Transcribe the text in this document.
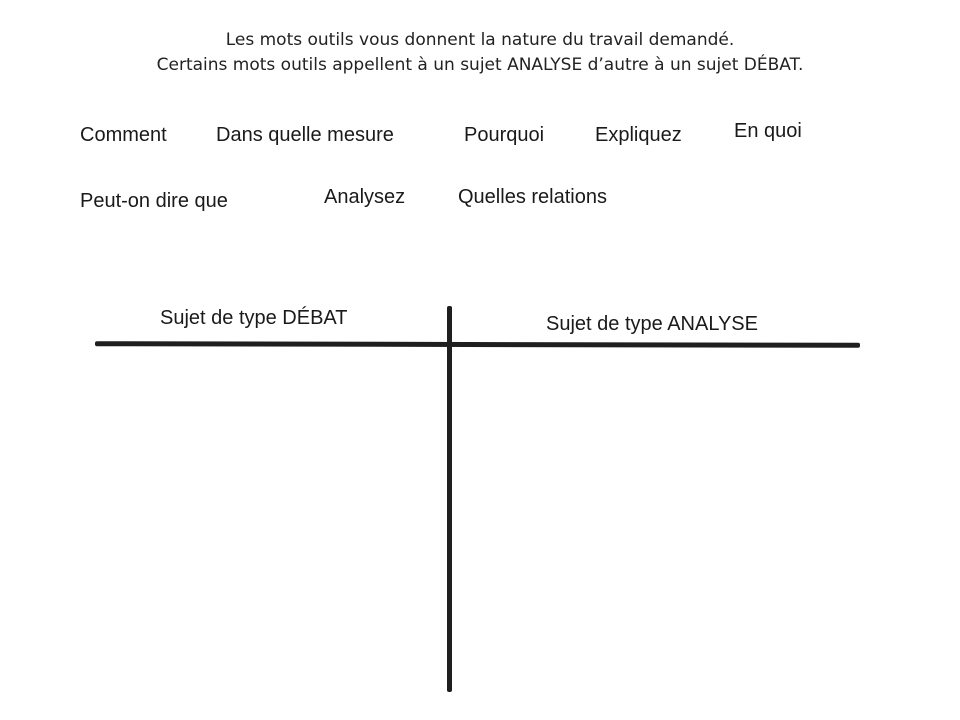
Les mots outils vous donnent la nature du travail demandé.
Certains mots outils appellent à un sujet ANALYSE d’autre à un sujet DÉBAT.
Comment Dans quelle mesure	Pourquoi	Expliquez	En quoi
Peut-on dire que	Analysez	Quelles relations
Sujet de type DÉBAT	Sujet de type ANALYSE
